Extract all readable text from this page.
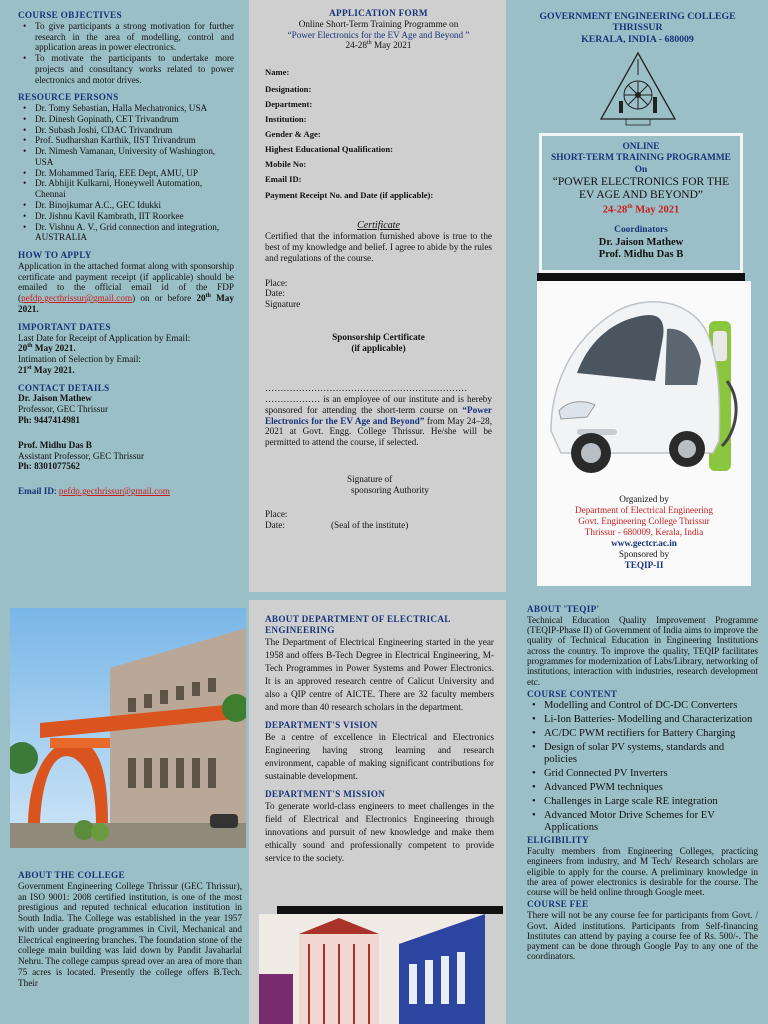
COURSE OBJECTIVES
• To give participants a strong motivation for further research in the area of modelling, control and application areas in power electronics.
• To motivate the participants to undertake more projects and consultancy works related to power electronics and motor drives.
RESOURCE PERSONS
• Dr. Tomy Sebastian, Halla Mechatronics, USA
• Dr. Dinesh Gopinath, CET Trivandrum
• Dr. Subash Joshi, CDAC Trivandrum
• Prof. Sudharshan Karthik, IIST Trivandrum
• Dr. Nimesh Vamanan, University of Washington, USA
• Dr. Mohammed Tariq, EEE Dept, AMU, UP
• Dr. Abhijit Kulkarni, Honeywell Automation, Chennai
• Dr. Binojkumar A.C., GEC Idukki
• Dr. Jishnu Kavil Kambrath, IIT Roorkee
• Dr. Vishnu A. V., Grid connection and integration, AUSTRALIA
HOW TO APPLY

Application in the attached format along with sponsorship certificate and payment receipt (if applicable) should be emailed to the official email id of the FDP (pefdp.gecthrissur@gmail.com) on or before 20th May 2021.

IMPORTANT DATES
Last Date for Receipt of Application by Email:
20th May 2021.
Intimation of Selection by Email:
21st May 2021.
CONTACT DETAILS
Dr. Jaison Mathew
Professor, GEC Thrissur
Ph: 9447414981
Prof. Midhu Das B
Assistant Professor, GEC Thrissur
Ph: 8301077562
Email ID: pefdp.gecthrissur@gmail.com
APPLICATION FORM
Online Short-Term Training Programme on
“Power Electronics for the EV Age and Beyond ”
24-28th May 2021
Name:
Designation:
Department:
Institution:
Gender & Age:
Highest Educational Qualification:
Mobile No:
Email ID:
Payment Receipt No. and Date (if applicable):
Certificate

Certified that the information furnished above is true to the best of my knowledge and belief. I agree to abide by the rules and regulations of the course.

Place:
Date:
Signature
Sponsorship Certificate
(if applicable)
…………………………………………………………

……………… is an employee of our institute and is hereby sponsored for attending the short-term course on “Power Electronics for the EV Age and Beyond” from May 24–28, 2021 at Govt. Engg. College Thrissur. He/she will be permitted to attend the course, if selected.

Signature of
sponsoring Authority
Place:
Date:	(Seal of the institute)
GOVERNMENT ENGINEERING COLLEGE
THRISSUR
KERALA, INDIA - 680009
ONLINE
SHORT-TERM TRAINING PROGRAMME
On
“POWER ELECTRONICS FOR THE EV AGE AND BEYOND”
24-28th May 2021
Coordinators
Dr. Jaison Mathew
Prof. Midhu Das B
Organized by
Department of Electrical Engineering
Govt. Engineering College Thrissur
Thrissur - 680009, Kerala, India
www.gectcr.ac.in
Sponsored by
TEQIP-II
ABOUT THE COLLEGE

Government Engineering College Thrissur (GEC Thrissur), an ISO 9001: 2008 certified institution, is one of the most prestigious and reputed technical education institution in South India. The College was established in the year 1957 with under graduate programmes in Civil, Mechanical and Electrical engineering branches. The foundation stone of the college main building was laid down by Pandit Javaharlal Nehru. The college campus spread over an area of more than 75 acres is located. Presently the college offers B.Tech. Their

ABOUT DEPARTMENT OF ELECTRICAL ENGINEERING

The Department of Electrical Engineering started in the year 1958 and offers B-Tech Degree in Electrical Engineering, M-Tech Programmes in Power Systems and Power Electronics. It is an approved research centre of Calicut University and also a QIP centre of AICTE. There are 32 faculty members and more than 40 research scholars in the department.

DEPARTMENT'S VISION

Be a centre of excellence in Electrical and Electronics Engineering having strong learning and research environment, capable of making significant contributions for sustainable development.

DEPARTMENT'S MISSION

To generate world-class engineers to meet challenges in the field of Electrical and Electronics Engineering through innovations and pursuit of new knowledge and make them ethically sound and professionally competent to provide service to the society.

ABOUT 'TEQIP'

Technical Education Quality Improvement Programme (TEQIP-Phase II) of Government of India aims to improve the quality of Technical Education in Engineering Institutions across the country. To improve the quality, TEQIP facilitates programmes for modernization of Labs/Library, networking of institutions, interaction with industries, research development etc.

COURSE CONTENT
• Modelling and Control of DC-DC Converters
• Li-Ion Batteries- Modelling and Characterization
• AC/DC PWM rectifiers for Battery Charging
• Design of solar PV systems, standards and policies
• Grid Connected PV Inverters
• Advanced PWM techniques
• Challenges in Large scale RE integration
• Advanced Motor Drive Schemes for EV Applications
ELIGIBILITY

Faculty members from Engineering Colleges, practicing engineers from industry, and M Tech/ Research scholars are eligible to apply for the course. A preliminary knowledge in the area of power electronics is desirable for the course. The course will be held online through Google meet.

COURSE FEE

There will not be any course fee for participants from Govt. / Govt. Aided institutions. Participants from Self-financing Institutes can attend by paying a course fee of Rs. 500/-. The payment can be done through Google Pay to any one of the coordinators.
